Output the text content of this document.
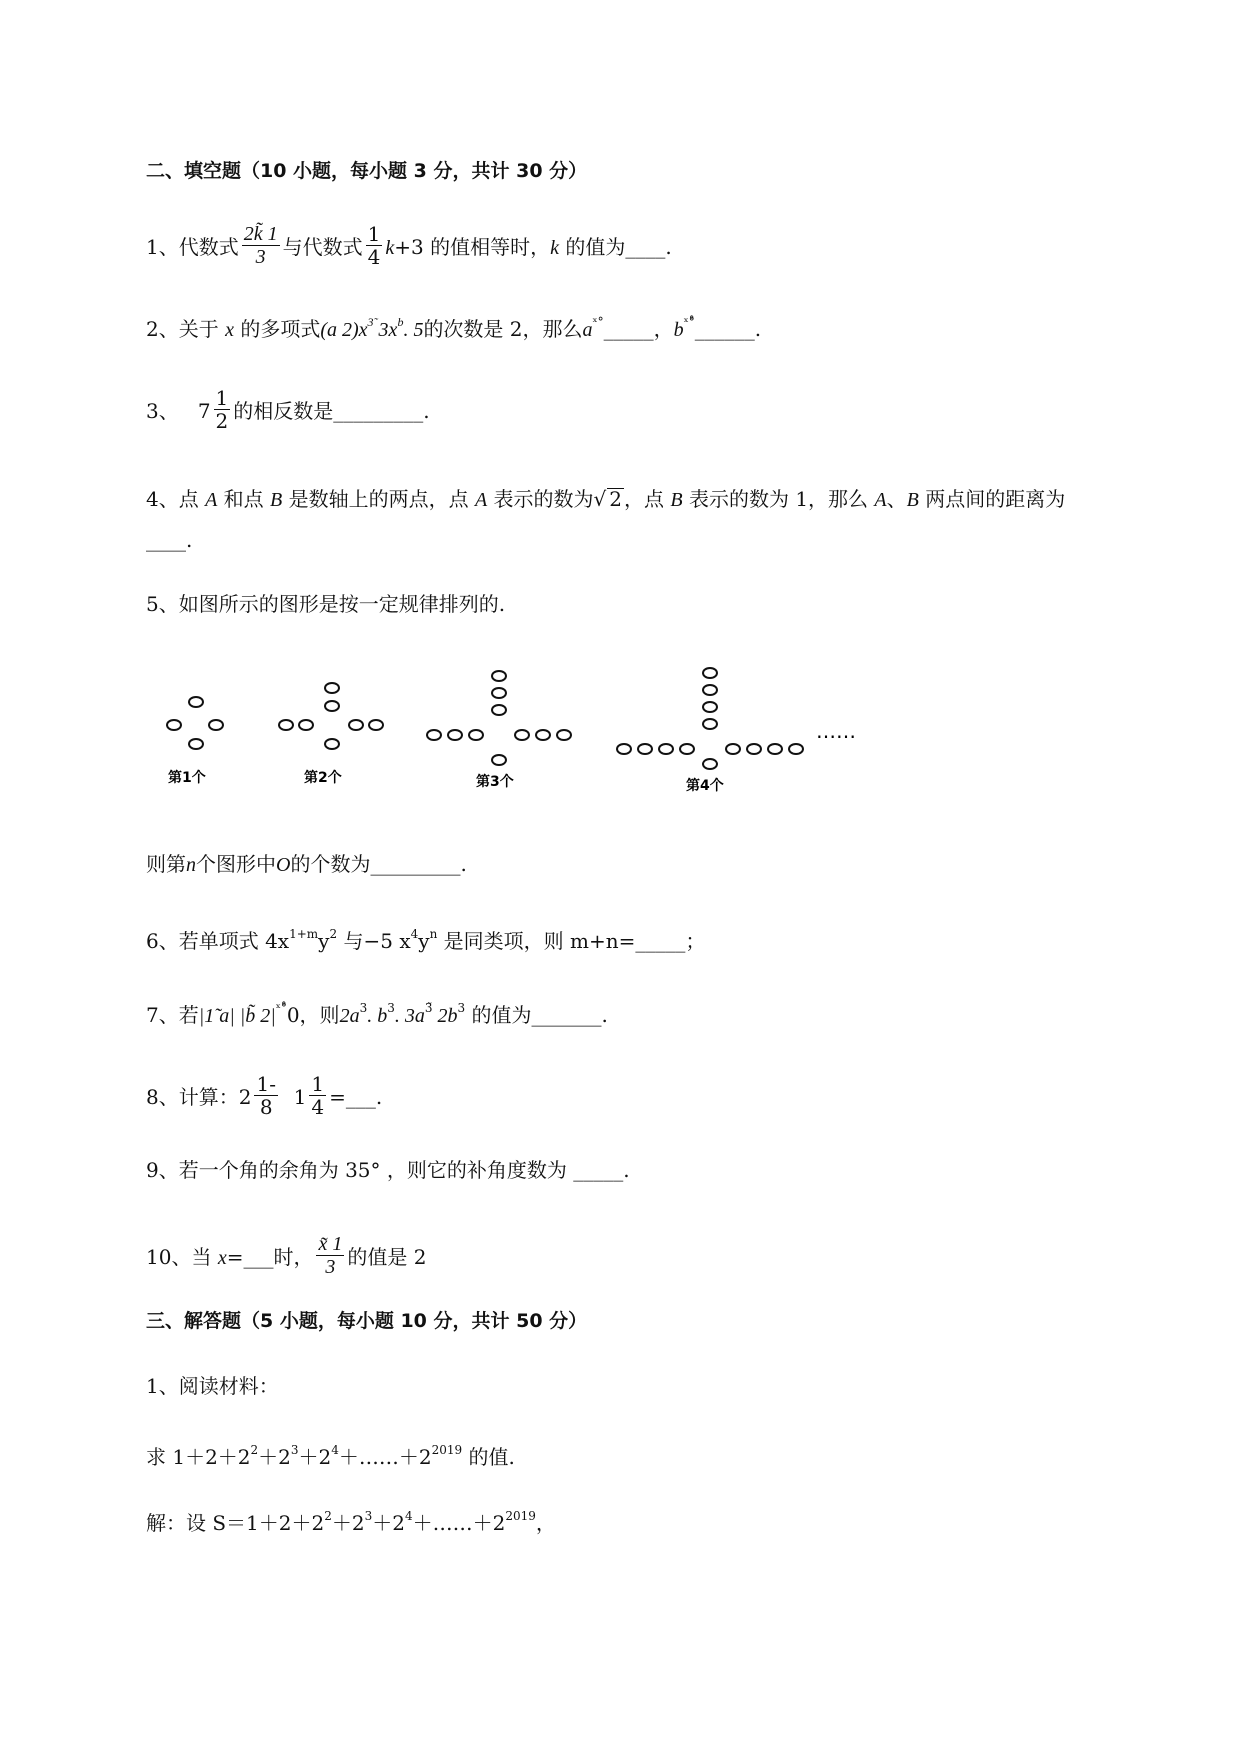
二、填空题（10 小题，每小题 3 分，共计 30 分）
1、代数式 $\frac{2k̃ 1}{3}$ 与代数式 $\frac{1}{4} k+3$ 的值相等时，k 的值为____.
2、关于 x 的多项式(a $2)x^{3̃}$ $3x^b$. 5的次数是 2，那么$a^{ˣ^\circ}\_\_\_\_\_$，$b^{ˣ^\circ̊}\_\_\_\_\_\_$.
3、 $7 \frac{1}{2}$ 的相反数是_________.
4、点 A 和点 B 是数轴上的两点，点 A 表示的数为√ 2 ，点 B 表示的数为 1，那么 A、B 两点间的距离为
____.
5、如图所示的图形是按一定规律排列的.
第1个	第2个	第3个	第4个
……
则第n个图形中O的个数为_________.
6、若单项式 $4x^{1+m}y^2$ 与−5 $x^4y^n$ 是同类项，则 m+n=_____；
7、若|1̃ a| |b̃ $2|^{ˣ^\circ̊}0$，则$2a^3$. $b^3$. $3a^{3̃}$ $2b^3$ 的值为_______.
8、计算：$2 \frac{1-}{8} 1 \frac{1}{4}$ =___.
9、若一个角的余角为 35° ，则它的补角度数为 _____.
10、当 x=___时， $\frac{x̃ 1}{3}$ 的值是 2
三、解答题（5 小题，每小题 10 分，共计 50 分）
1、阅读材料：
求 $1+2+2^2+2^3+2^4+\dots\dots+2^{2019}$ 的值.
解：设 $S=1+2+2^2+2^3+2^4+\dots\dots+2^{2019}$，
